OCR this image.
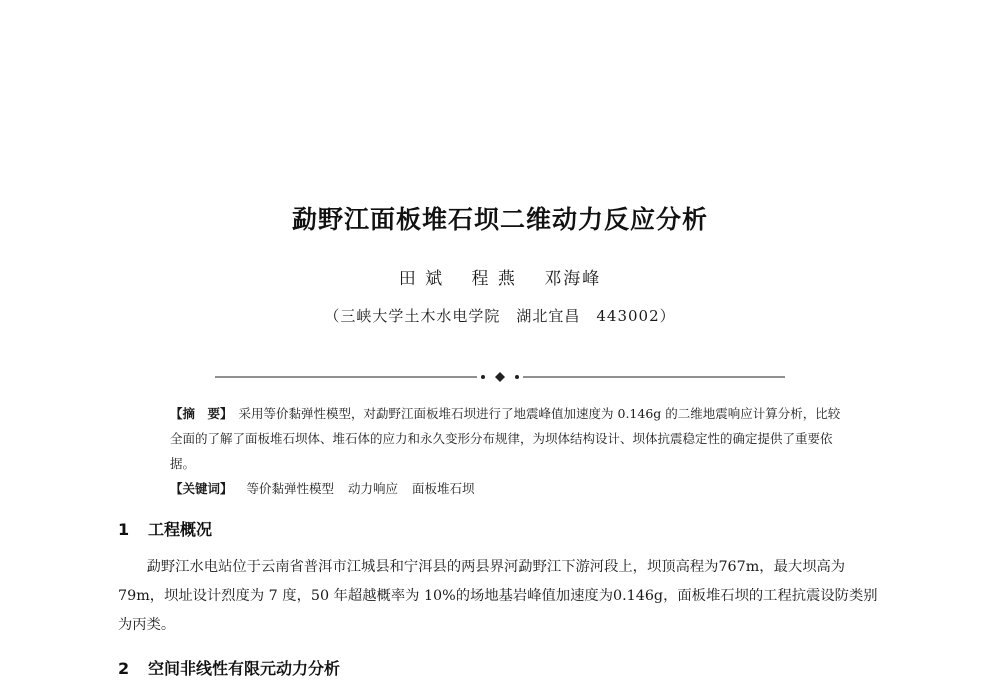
勐野江面板堆石坝二维动力反应分析
田 斌 程 燕 邓海峰
（三峡大学土木水电学院　湖北宜昌　443002）

【摘　要】 采用等价黏弹性模型，对勐野江面板堆石坝进行了地震峰值加速度为 0.146g 的二维地震响应计算分析，比较全面的了解了面板堆石坝体、堆石体的应力和永久变形分布规律，为坝体结构设计、坝体抗震稳定性的确定提供了重要依据。

【关键词】 等价黏弹性模型 动力响应 面板堆石坝
1 工程概况

勐野江水电站位于云南省普洱市江城县和宁洱县的两县界河勐野江下游河段上，坝顶高程为767m，最大坝高为79m，坝址设计烈度为 7 度，50 年超越概率为 10%的场地基岩峰值加速度为0.146g，面板堆石坝的工程抗震设防类别为丙类。

2 空间非线性有限元动力分析
